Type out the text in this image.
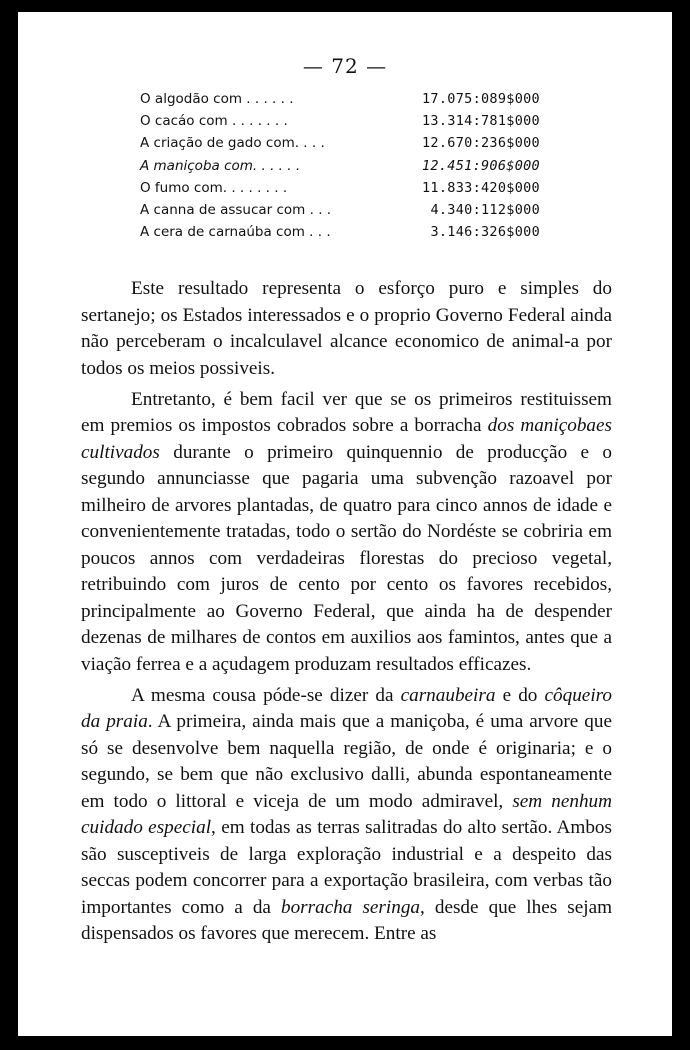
— 72 —
O algodão com . . . . . .	17.075:089$000
O cacáo com . . . . . . .	13.314:781$000
A criação de gado com. . . .	12.670:236$000
A maniçoba com. . . . . .	12.451:906$000
O fumo com. . . . . . . .	11.833:420$000
A canna de assucar com . . .	4.340:112$000
A cera de carnaúba com . . .	3.146:326$000

Este resultado representa o esforço puro e simples do sertanejo; os Estados interessados e o proprio Governo Federal ainda não perceberam o incalculavel alcance economico de animal-a por todos os meios possiveis.

Entretanto, é bem facil ver que se os primeiros restituissem em premios os impostos cobrados sobre a borracha dos maniçobaes cultivados durante o primeiro quinquennio de producção e o segundo annunciasse que pagaria uma subvenção razoavel por milheiro de arvores plantadas, de quatro para cinco annos de idade e convenientemente tratadas, todo o sertão do Nordéste se cobriria em poucos annos com verdadeiras florestas do precioso vegetal, retribuindo com juros de cento por cento os favores recebidos, principalmente ao Governo Federal, que ainda ha de despender dezenas de milhares de contos em auxilios aos famintos, antes que a viação ferrea e a açudagem produzam resultados efficazes.

A mesma cousa póde-se dizer da carnaubeira e do côqueiro da praia. A primeira, ainda mais que a maniçoba, é uma arvore que só se desenvolve bem naquella região, de onde é originaria; e o segundo, se bem que não exclusivo dalli, abunda espontaneamente em todo o littoral e viceja de um modo admiravel, sem nenhum cuidado especial, em todas as terras salitradas do alto sertão. Ambos são susceptiveis de larga exploração industrial e a despeito das seccas podem concorrer para a exportação brasileira, com verbas tão importantes como a da borracha seringa, desde que lhes sejam dispensados os favores que merecem. Entre as
